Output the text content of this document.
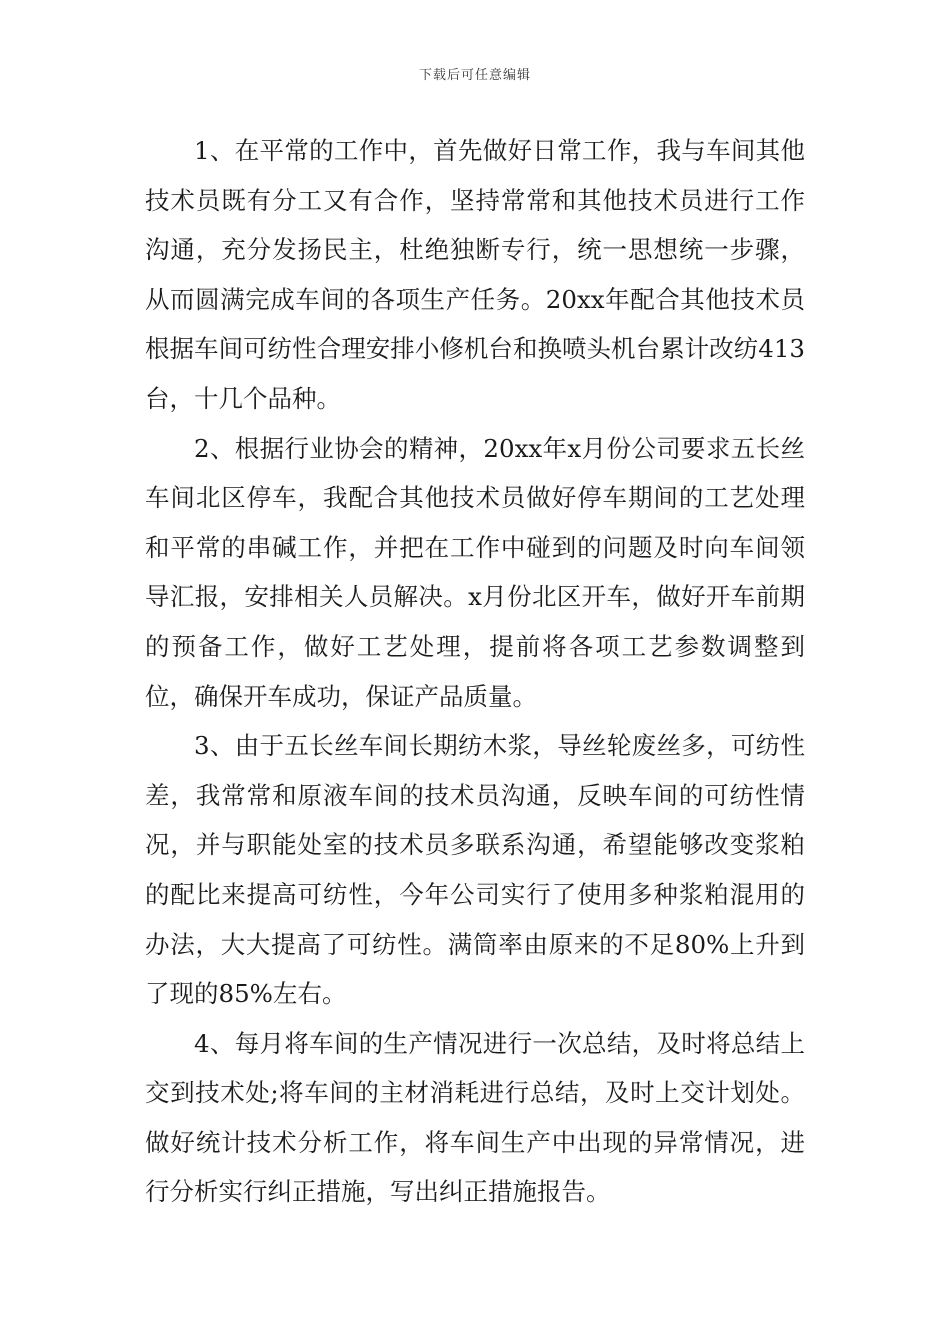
下载后可任意编辑

1、在平常的工作中，首先做好日常工作，我与车间其他技术员既有分工又有合作，坚持常常和其他技术员进行工作沟通，充分发扬民主，杜绝独断专行，统一思想统一步骤，从而圆满完成车间的各项生产任务。20xx年配合其他技术员根据车间可纺性合理安排小修机台和换喷头机台累计改纺413台，十几个品种。

2、根据行业协会的精神，20xx年x月份公司要求五长丝车间北区停车，我配合其他技术员做好停车期间的工艺处理和平常的串碱工作，并把在工作中碰到的问题及时向车间领导汇报，安排相关人员解决。x月份北区开车，做好开车前期的预备工作，做好工艺处理，提前将各项工艺参数调整到位，确保开车成功，保证产品质量。

3、由于五长丝车间长期纺木浆，导丝轮废丝多，可纺性差，我常常和原液车间的技术员沟通，反映车间的可纺性情况，并与职能处室的技术员多联系沟通，希望能够改变浆粕的配比来提高可纺性，今年公司实行了使用多种浆粕混用的办法，大大提高了可纺性。满筒率由原来的不足80%上升到了现的85%左右。

4、每月将车间的生产情况进行一次总结，及时将总结上交到技术处;将车间的主材消耗进行总结，及时上交计划处。做好统计技术分析工作，将车间生产中出现的异常情况，进行分析实行纠正措施，写出纠正措施报告。
